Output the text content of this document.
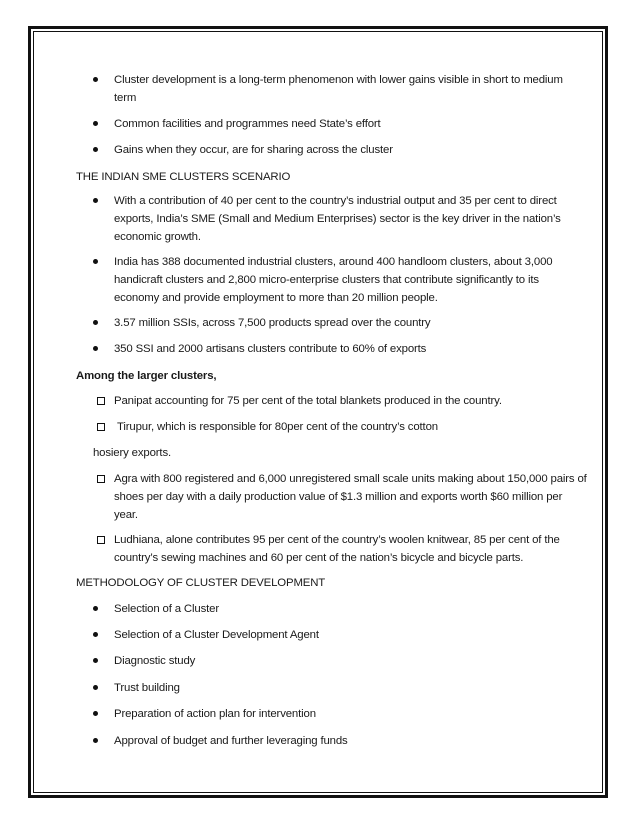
Cluster development is a long-term phenomenon with lower gains visible in short to medium
term
Common facilities and programmes need State’s effort
Gains when they occur, are for sharing across the cluster
THE INDIAN SME CLUSTERS SCENARIO
With a contribution of 40 per cent to the country’s industrial output and 35 per cent to direct
exports, India’s SME (Small and Medium Enterprises) sector is the key driver in the nation’s
economic growth.
India has 388 documented industrial clusters, around 400 handloom clusters, about 3,000
handicraft clusters and 2,800 micro-enterprise clusters that contribute significantly to its
economy and provide employment to more than 20 million people.
3.57 million SSIs, across 7,500 products spread over the country
350 SSI and 2000 artisans clusters contribute to 60% of exports
Among the larger clusters,
Panipat accounting for 75 per cent of the total blankets produced in the country.
Tirupur, which is responsible for 80per cent of the country’s cotton
hosiery exports.
Agra with 800 registered and 6,000 unregistered small scale units making about 150,000 pairs of
shoes per day with a daily production value of $1.3 million and exports worth $60 million per
year.
Ludhiana, alone contributes 95 per cent of the country’s woolen knitwear, 85 per cent of the
country’s sewing machines and 60 per cent of the nation’s bicycle and bicycle parts.
METHODOLOGY OF CLUSTER DEVELOPMENT
Selection of a Cluster
Selection of a Cluster Development Agent
Diagnostic study
Trust building
Preparation of action plan for intervention
Approval of budget and further leveraging funds
